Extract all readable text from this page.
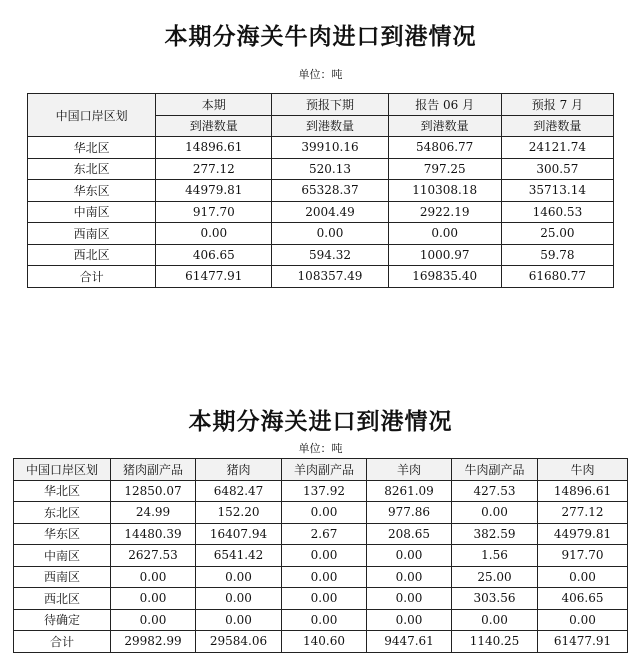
本期分海关牛肉进口到港情况
单位：吨
中国口岸区划	本期	预报下期	报告 06 月	预报 7 月
	到港数量	到港数量	到港数量	到港数量
华北区	14896.61	39910.16	54806.77	24121.74
东北区	277.12	520.13	797.25	300.57
华东区	44979.81	65328.37	110308.18	35713.14
中南区	917.70	2004.49	2922.19	1460.53
西南区	0.00	0.00	0.00	25.00
西北区	406.65	594.32	1000.97	59.78
合计	61477.91	108357.49	169835.40	61680.77
本期分海关进口到港情况
单位：吨
中国口岸区划	猪肉副产品	猪肉	羊肉副产品	羊肉	牛肉副产品	牛肉
华北区	12850.07	6482.47	137.92	8261.09	427.53	14896.61
东北区	24.99	152.20	0.00	977.86	0.00	277.12
华东区	14480.39	16407.94	2.67	208.65	382.59	44979.81
中南区	2627.53	6541.42	0.00	0.00	1.56	917.70
西南区	0.00	0.00	0.00	0.00	25.00	0.00
西北区	0.00	0.00	0.00	0.00	303.56	406.65
待确定	0.00	0.00	0.00	0.00	0.00	0.00
合计	29982.99	29584.06	140.60	9447.61	1140.25	61477.91
